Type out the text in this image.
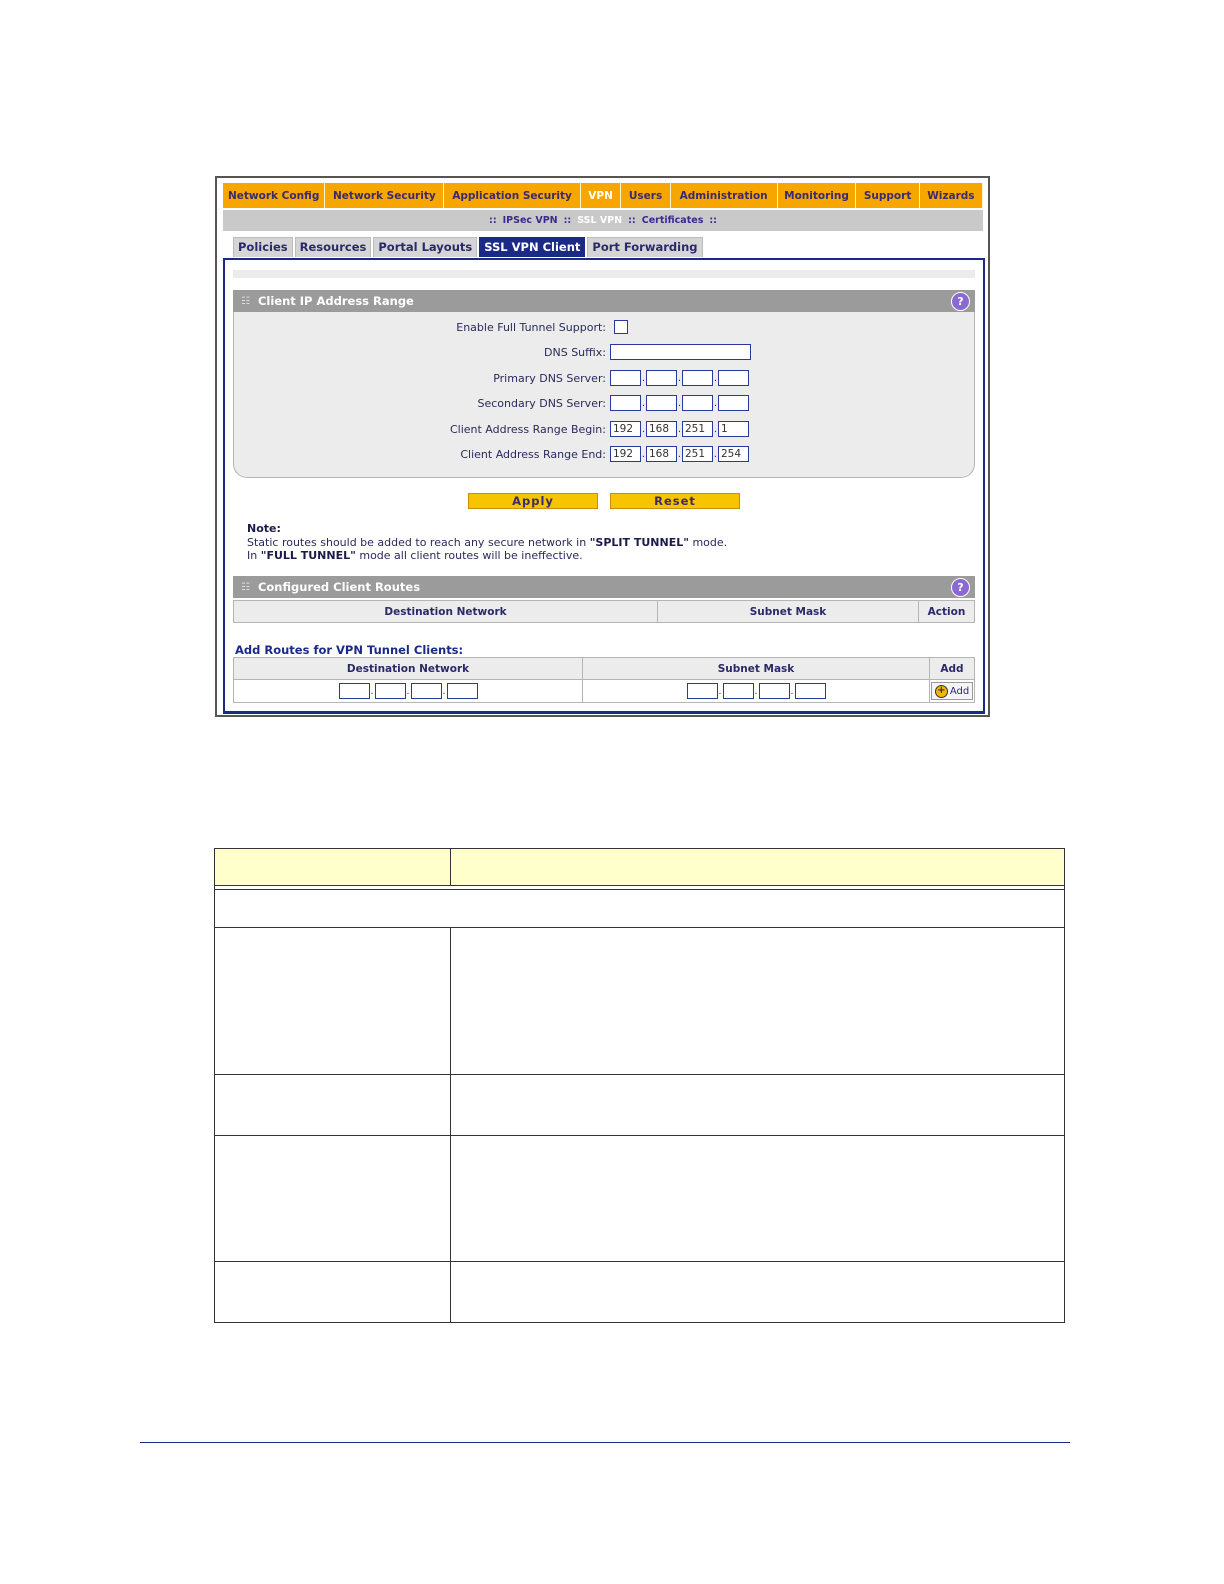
Network Config	Network Security	Application Security	VPN	Users	Administration	Monitoring	Support	Wizards
:: IPSec VPN :: SSL VPN :: Certificates ::
Policies	Resources	Portal Layouts	SSL VPN Client	Port Forwarding
☷ Client IP Address Range	?
Enable Full Tunnel Support:
DNS Suffix:
Primary DNS Server:	.	.	.
Secondary DNS Server:	.	.	.
Client Address Range Begin: 192 . 168 . 251 . 1
Client Address Range End: 192 . 168 . 251 . 254
Apply	Reset
Note:
Static routes should be added to reach any secure network in "SPLIT TUNNEL" mode.
In "FULL TUNNEL" mode all client routes will be ineffective.
☷ Configured Client Routes	?
Destination Network	Subnet Mask	Action
Add Routes for VPN Tunnel Clients:
Destination Network	Subnet Mask	Add

. . .	. . .	+ Add
